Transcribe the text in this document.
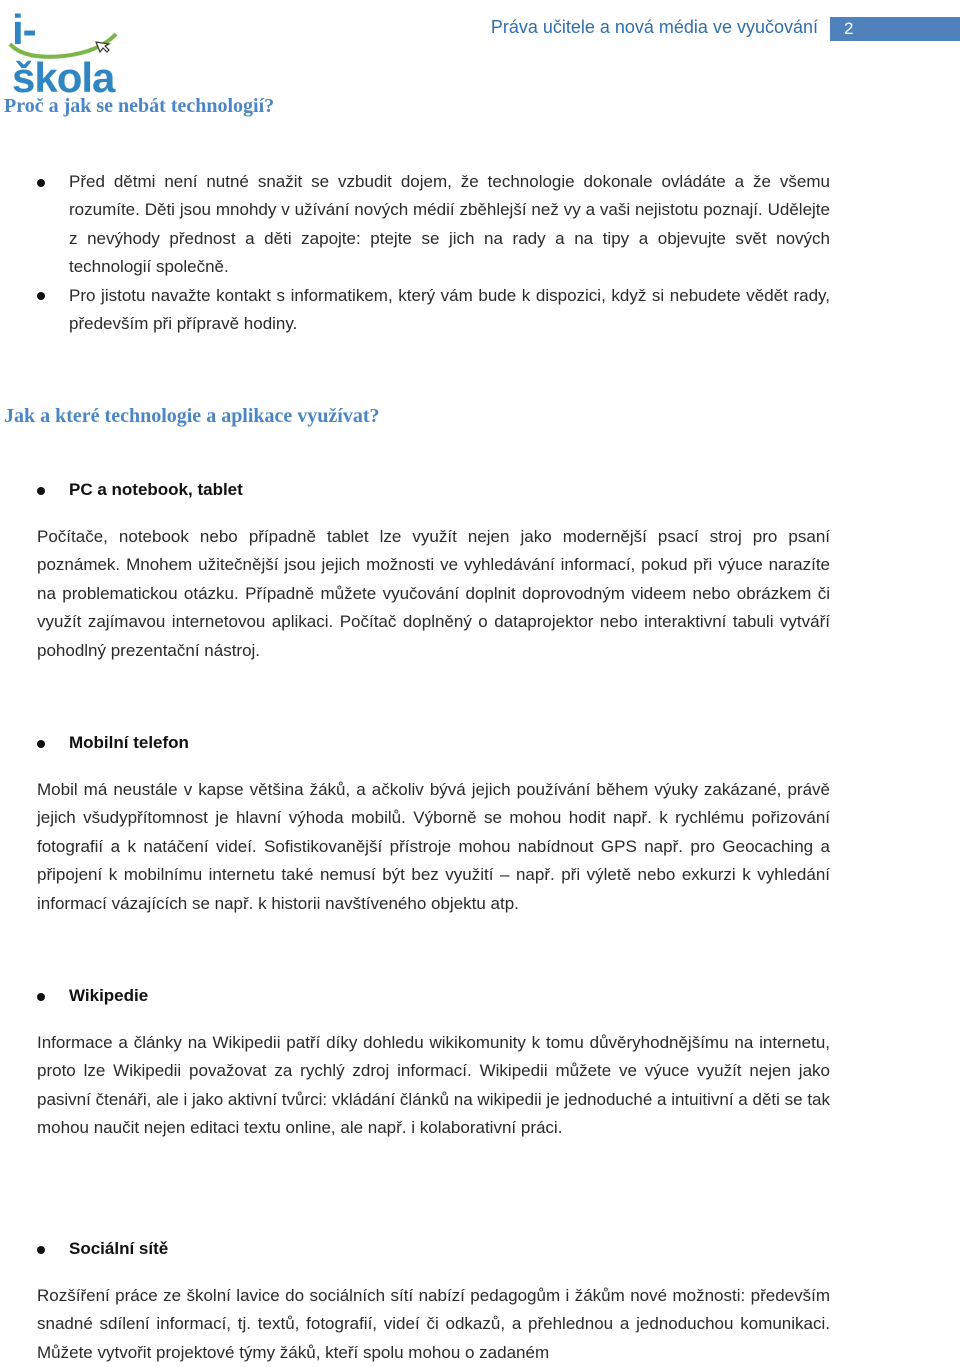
i-škola
Práva učitele a nová média ve vyučování	2
Proč a jak se nebát technologií?

Před dětmi není nutné snažit se vzbudit dojem, že technologie dokonale ovládáte a že všemu rozumíte. Děti jsou mnohdy v užívání nových médií zběhlejší než vy a vaši nejistotu poznají. Udělejte z nevýhody přednost a děti zapojte: ptejte se jich na rady a na tipy a objevujte svět nových technologií společně.

Pro jistotu navažte kontakt s informatikem, který vám bude k dispozici, když si nebudete vědět rady, především při přípravě hodiny.

Jak a které technologie a aplikace využívat?

PC a notebook, tablet

Počítače, notebook nebo případně tablet lze využít nejen jako modernější psací stroj pro psaní poznámek. Mnohem užitečnější jsou jejich možnosti ve vyhledávání informací, pokud při výuce narazíte na problematickou otázku. Případně můžete vyučování doplnit doprovodným videem nebo obrázkem či využít zajímavou internetovou aplikaci. Počítač doplněný o dataprojektor nebo interaktivní tabuli vytváří pohodlný prezentační nástroj.

Mobilní telefon

Mobil má neustále v kapse většina žáků, a ačkoliv bývá jejich používání během výuky zakázané, právě jejich všudypřítomnost je hlavní výhoda mobilů. Výborně se mohou hodit např. k rychlému pořizování fotografií a k natáčení videí. Sofistikovanější přístroje mohou nabídnout GPS např. pro Geocaching a připojení k mobilnímu internetu také nemusí být bez využití – např. při výletě nebo exkurzi k vyhledání informací vázajících se např. k historii navštíveného objektu atp.

Wikipedie

Informace a články na Wikipedii patří díky dohledu wikikomunity k tomu důvěryhodnějšímu na internetu, proto lze Wikipedii považovat za rychlý zdroj informací. Wikipedii můžete ve výuce využít nejen jako pasivní čtenáři, ale i jako aktivní tvůrci: vkládání článků na wikipedii je jednoduché a intuitivní a děti se tak mohou naučit nejen editaci textu online, ale např. i kolaborativní práci.

Sociální sítě

Rozšíření práce ze školní lavice do sociálních sítí nabízí pedagogům i žákům nové možnosti: především snadné sdílení informací, tj. textů, fotografií, videí či odkazů, a přehlednou a jednoduchou komunikaci. Můžete vytvořit projektové týmy žáků, kteří spolu mohou o zadaném
